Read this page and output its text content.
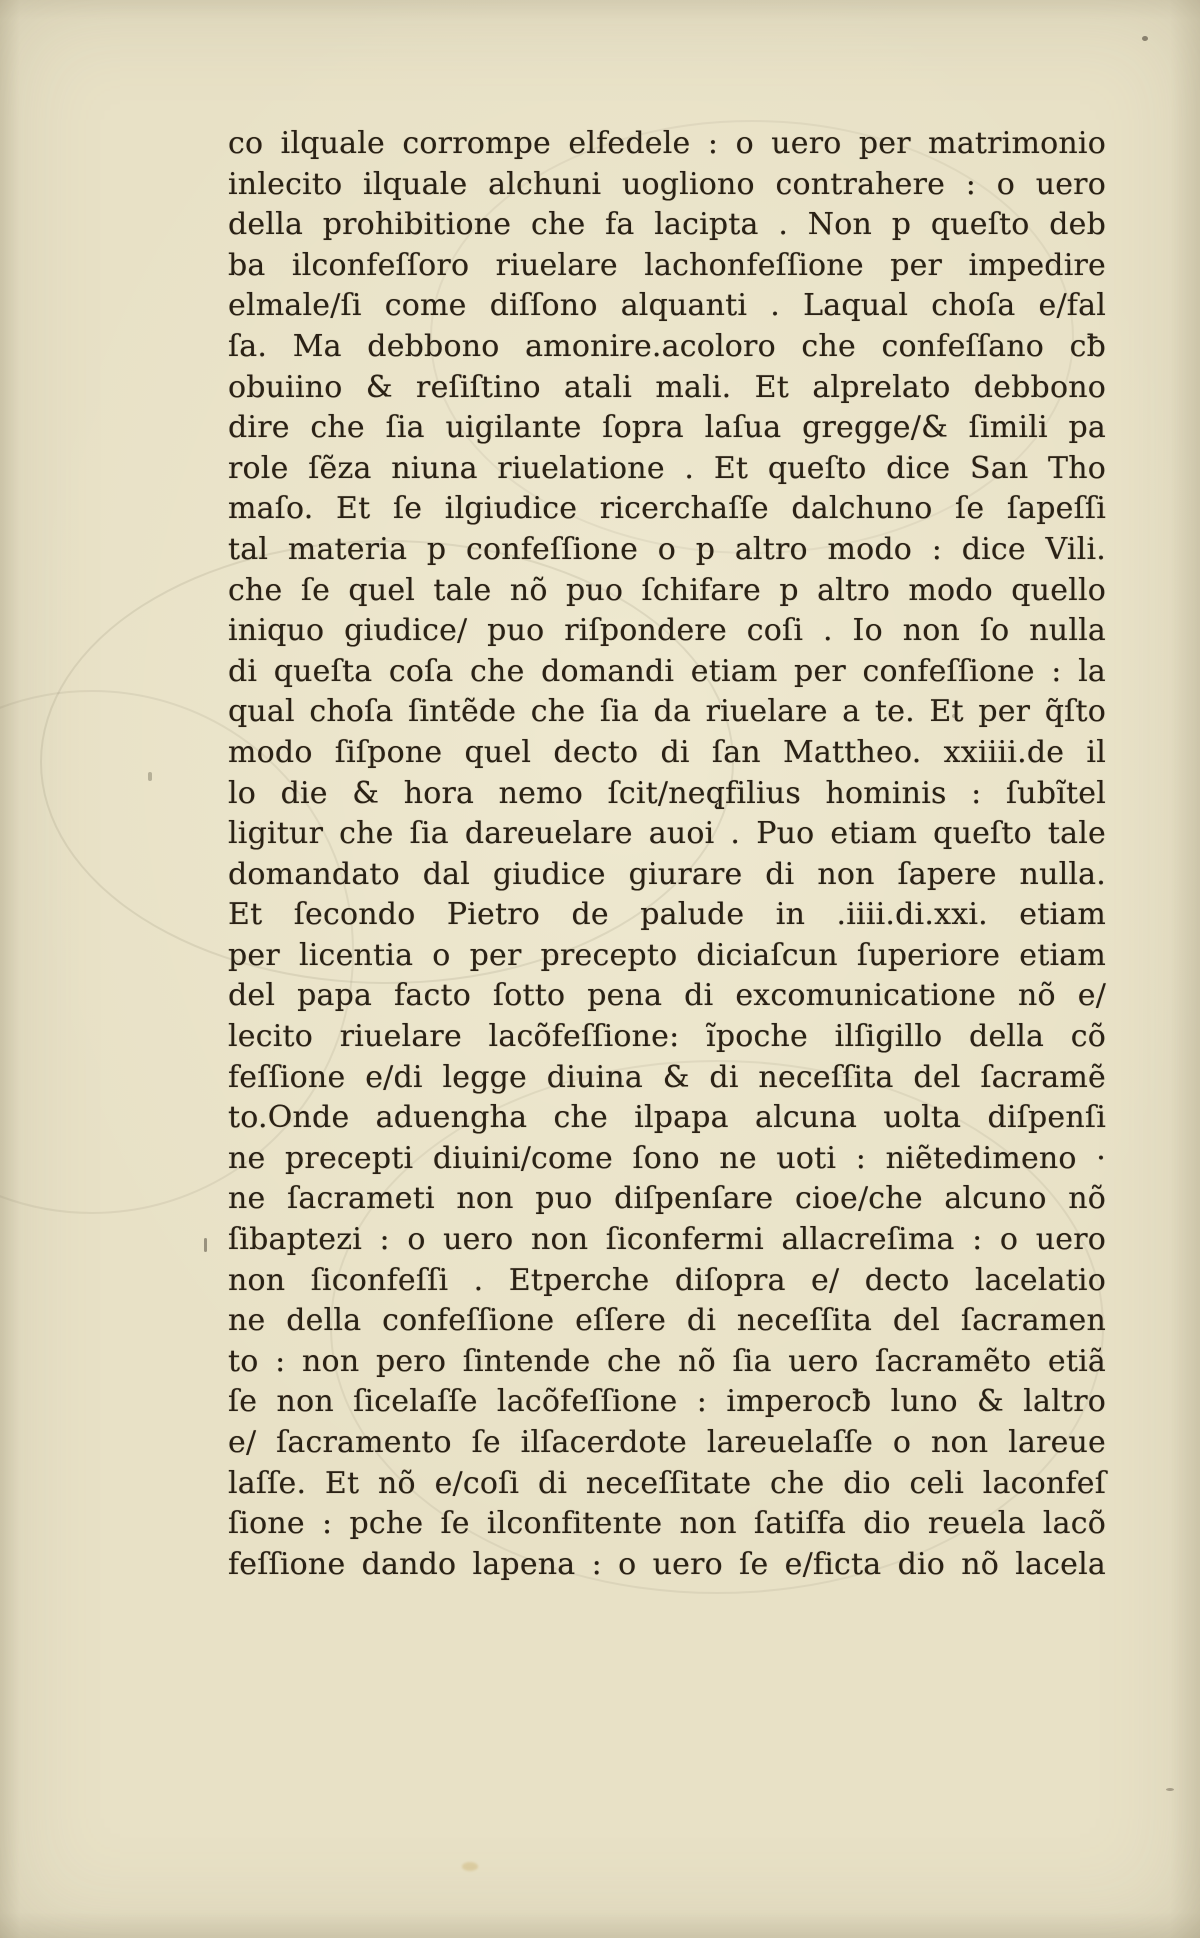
co ilquale corrompe elfedele : o uero per matrimonio
inlecito ilquale alchuni uogliono contrahere : o uero
della prohibitione che fa lacipta . Non p queſto deb
ba ilconfeſſoro riuelare lachonfeſſione per impedire
elmale/ſi come diſſono alquanti . Laqual choſa e/fal
ſa. Ma debbono amonire.acoloro che confeſſano cƀ
obuiino & reſiſtino atali mali. Et alprelato debbono
dire che ſia uigilante ſopra laſua gregge/& ſimili pa
role ſẽza niuna riuelatione . Et queſto dice San Tho
maſo. Et ſe ilgiudice ricerchaſſe dalchuno ſe ſapeſſi
tal materia p confeſſione o p altro modo : dice Vili.
che ſe quel tale nõ puo ſchifare p altro modo quello
iniquo giudice/ puo riſpondere coſi . Io non ſo nulla
di queſta coſa che domandi etiam per confeſſione : la
qual choſa ſintẽde che ſia da riuelare a te. Et per q̃ſto
modo ſiſpone quel decto di ſan Mattheo. xxiiii.de il
lo die & hora nemo ſcit/neq̨filius hominis : ſubĩtel
ligitur che ſia dareuelare auoi . Puo etiam queſto tale
domandato dal giudice giurare di non ſapere nulla.
Et ſecondo Pietro de palude in .iiii.di.xxi. etiam
per licentia o per precepto diciaſcun ſuperiore etiam
del papa facto ſotto pena di excomunicatione nõ e/
lecito riuelare lacõfeſſione: ĩpoche ilſigillo della cõ
feſſione e/di legge diuina & di neceſſita del ſacramẽ
to.Onde aduengha che ilpapa alcuna uolta diſpenſi
ne precepti diuini/come ſono ne uoti : niẽtedimeno ·
ne ſacrameti non puo diſpenſare cioe/che alcuno nõ
ſibaptezi : o uero non ſiconfermi allacreſima : o uero
non ſiconfeſſi . Etperche diſopra e/ decto lacelatio
ne della confeſſione eſſere di neceſſita del ſacramen
to : non pero ſintende che nõ ſia uero ſacramẽto etiã
ſe non ſicelaſſe lacõfeſſione : imperocƀ luno & laltro
e/ ſacramento ſe ilſacerdote lareuelaſſe o non lareue
laſſe. Et nõ e/coſi di neceſſitate che dio celi laconfeſ
ſione : pche ſe ilconfitente non ſatiſfa dio reuela lacõ
feſſione dando lapena : o uero ſe e/ficta dio nõ lacela
